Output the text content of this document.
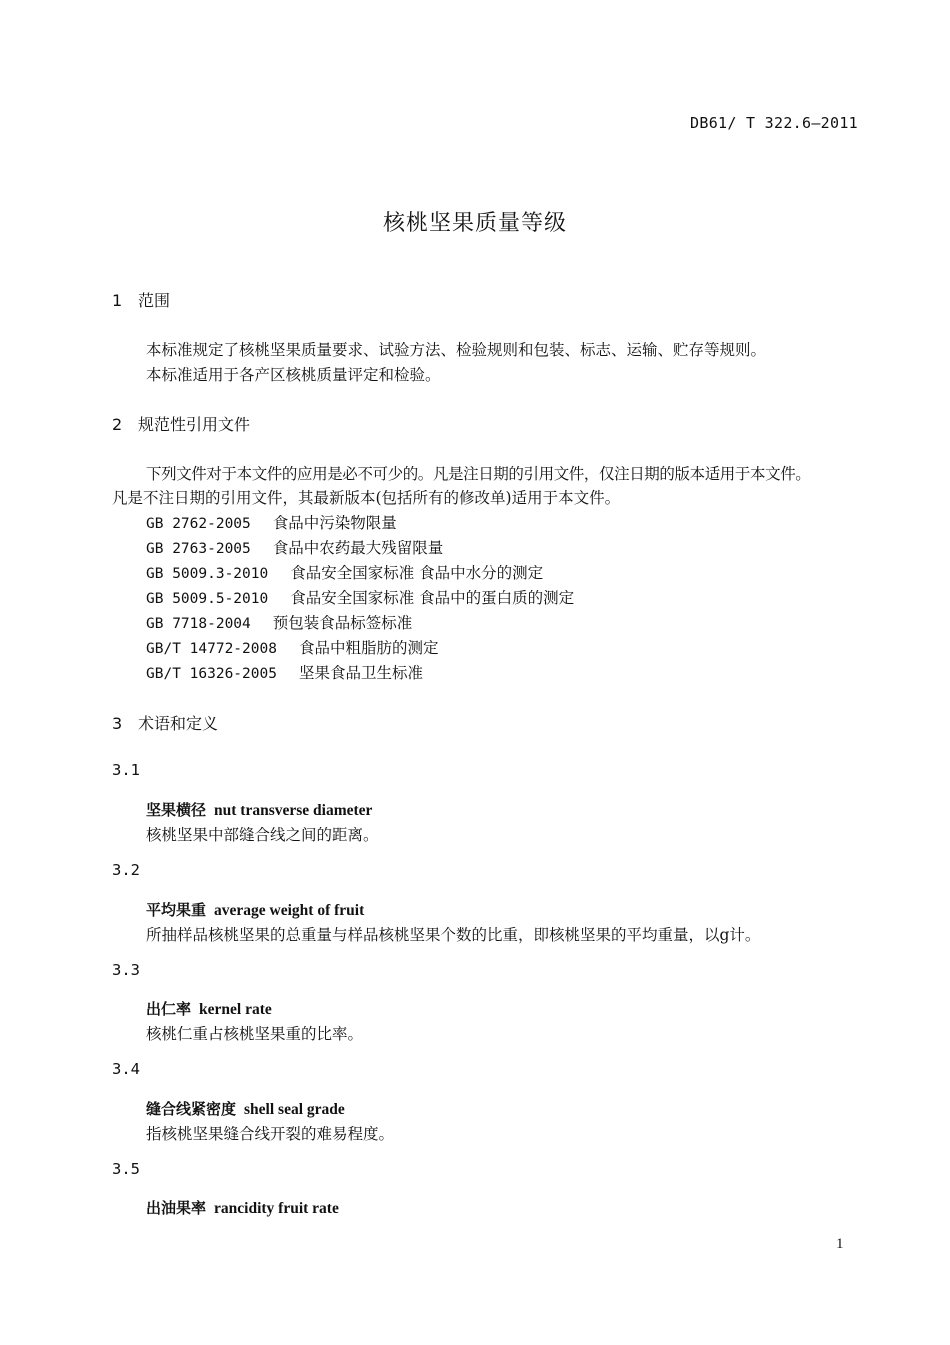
DB61/ T 322.6—2011
核桃坚果质量等级
1 范围
本标准规定了核桃坚果质量要求、试验方法、检验规则和包装、标志、运输、贮存等规则。
本标准适用于各产区核桃质量评定和检验。
2 规范性引用文件
下列文件对于本文件的应用是必不可少的。凡是注日期的引用文件，仅注日期的版本适用于本文件。
凡是不注日期的引用文件，其最新版本(包括所有的修改单)适用于本文件。
GB 2762-2005 食品中污染物限量
GB 2763-2005 食品中农药最大残留限量
GB 5009.3-2010 食品安全国家标准 食品中水分的测定
GB 5009.5-2010 食品安全国家标准 食品中的蛋白质的测定
GB 7718-2004 预包装食品标签标准
GB/T 14772-2008 食品中粗脂肪的测定
GB/T 16326-2005 坚果食品卫生标准
3 术语和定义
3.1
坚果横径 nut transverse diameter
核桃坚果中部缝合线之间的距离。
3.2
平均果重 average weight of fruit
所抽样品核桃坚果的总重量与样品核桃坚果个数的比重，即核桃坚果的平均重量，以g计。
3.3
出仁率 kernel rate
核桃仁重占核桃坚果重的比率。
3.4
缝合线紧密度 shell seal grade
指核桃坚果缝合线开裂的难易程度。
3.5
出油果率 rancidity fruit rate
1
